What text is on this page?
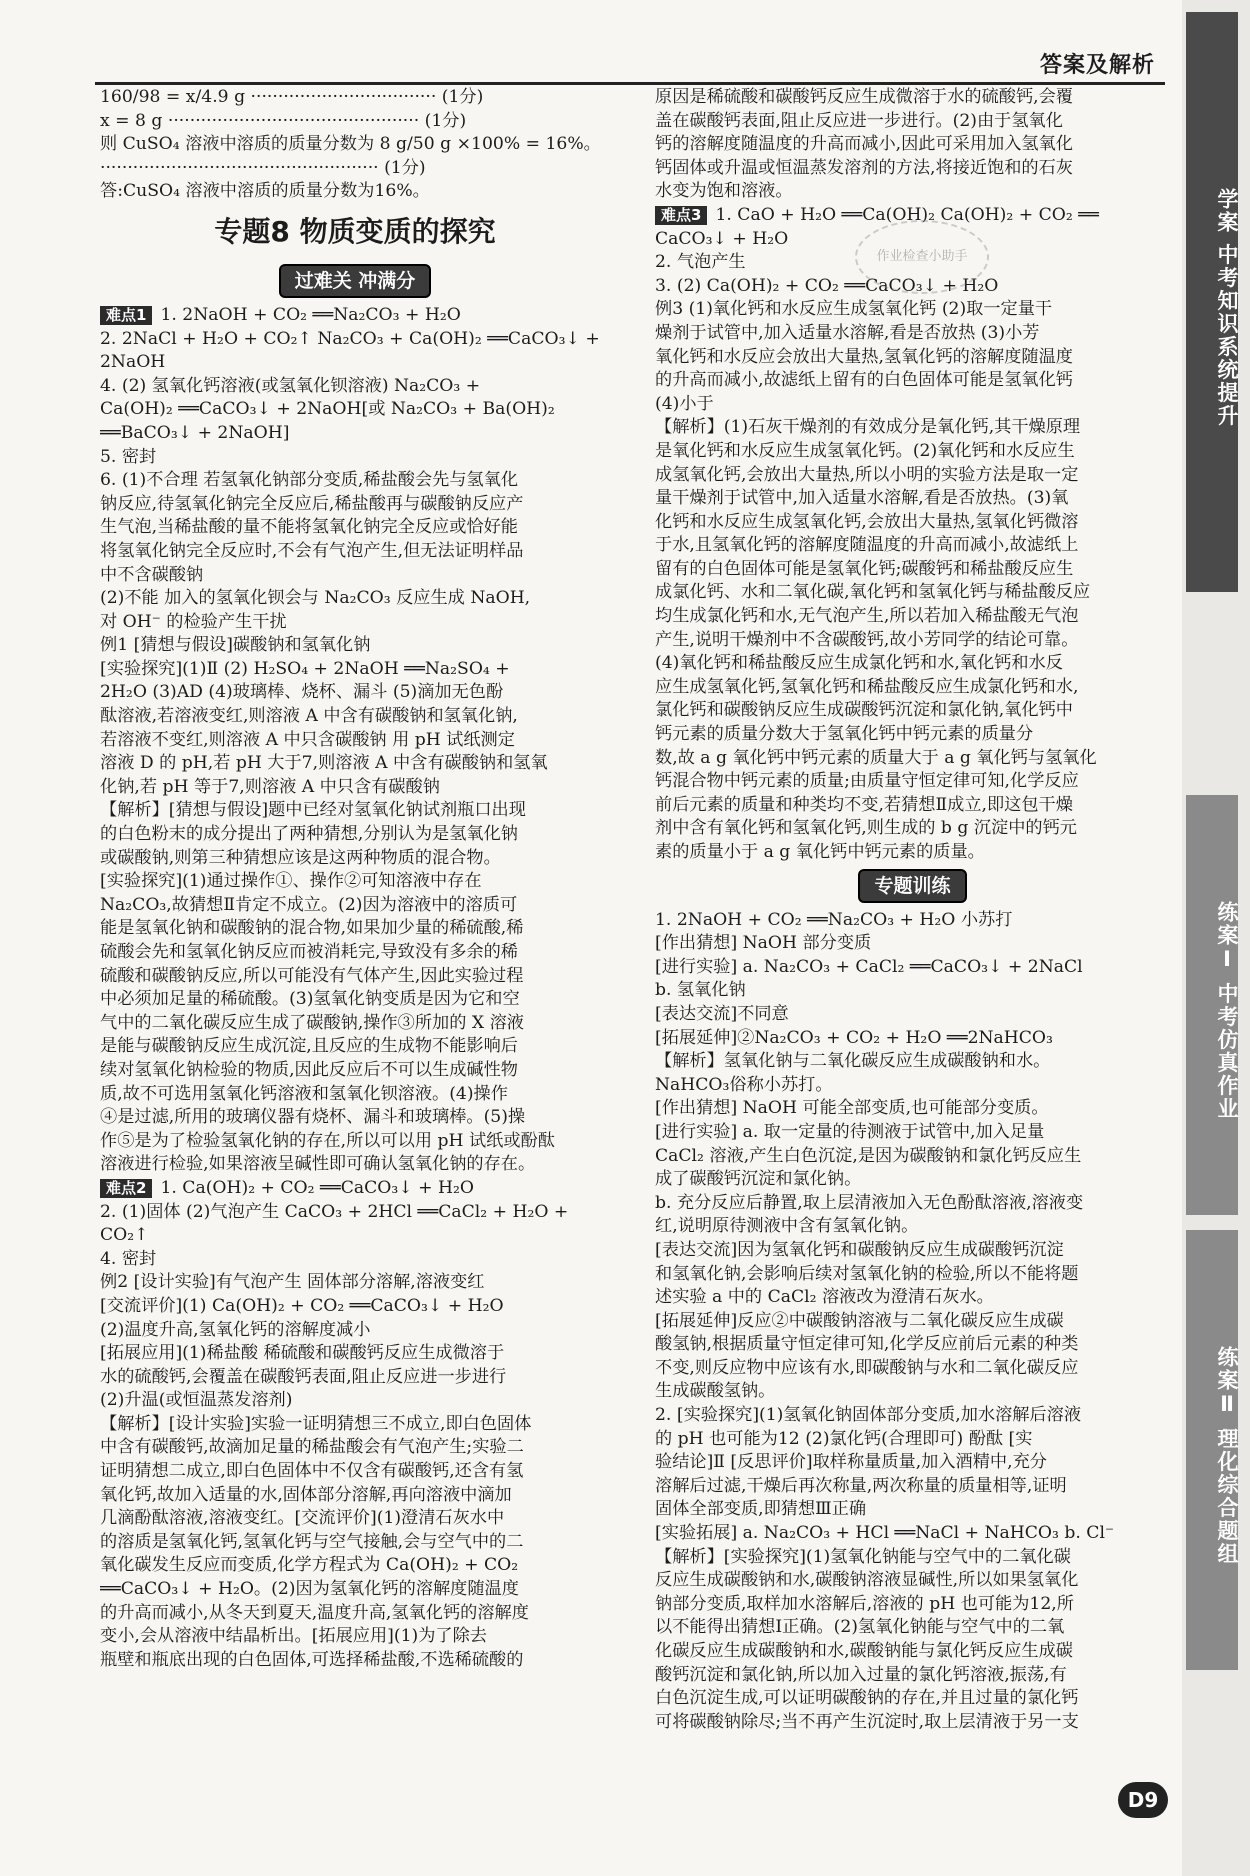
答案及解析
160/98 = x/4.9 g ·································· (1分)
x = 8 g ·············································· (1分)
则 CuSO₄ 溶液中溶质的质量分数为 8 g/50 g ×100% = 16%。
··················································· (1分)
答:CuSO₄ 溶液中溶质的质量分数为16%。
专题8 物质变质的探究
过难关 冲满分
难点1 1. 2NaOH + CO₂ ══Na₂CO₃ + H₂O
2. 2NaCl + H₂O + CO₂↑ Na₂CO₃ + Ca(OH)₂ ══CaCO₃↓ +
2NaOH
4. (2) 氢氧化钙溶液(或氢氧化钡溶液) Na₂CO₃ +
Ca(OH)₂ ══CaCO₃↓ + 2NaOH[或 Na₂CO₃ + Ba(OH)₂
══BaCO₃↓ + 2NaOH]
5. 密封
6. (1)不合理 若氢氧化钠部分变质,稀盐酸会先与氢氧化
钠反应,待氢氧化钠完全反应后,稀盐酸再与碳酸钠反应产
生气泡,当稀盐酸的量不能将氢氧化钠完全反应或恰好能
将氢氧化钠完全反应时,不会有气泡产生,但无法证明样品
中不含碳酸钠
(2)不能 加入的氢氧化钡会与 Na₂CO₃ 反应生成 NaOH,
对 OH⁻ 的检验产生干扰
例1 [猜想与假设]碳酸钠和氢氧化钠
[实验探究](1)Ⅱ (2) H₂SO₄ + 2NaOH ══Na₂SO₄ +
2H₂O (3)AD (4)玻璃棒、烧杯、漏斗 (5)滴加无色酚
酞溶液,若溶液变红,则溶液 A 中含有碳酸钠和氢氧化钠,
若溶液不变红,则溶液 A 中只含碳酸钠 用 pH 试纸测定
溶液 D 的 pH,若 pH 大于7,则溶液 A 中含有碳酸钠和氢氧
化钠,若 pH 等于7,则溶液 A 中只含有碳酸钠
【解析】[猜想与假设]题中已经对氢氧化钠试剂瓶口出现
的白色粉末的成分提出了两种猜想,分别认为是氢氧化钠
或碳酸钠,则第三种猜想应该是这两种物质的混合物。
[实验探究](1)通过操作①、操作②可知溶液中存在
Na₂CO₃,故猜想Ⅱ肯定不成立。(2)因为溶液中的溶质可
能是氢氧化钠和碳酸钠的混合物,如果加少量的稀硫酸,稀
硫酸会先和氢氧化钠反应而被消耗完,导致没有多余的稀
硫酸和碳酸钠反应,所以可能没有气体产生,因此实验过程
中必须加足量的稀硫酸。(3)氢氧化钠变质是因为它和空
气中的二氧化碳反应生成了碳酸钠,操作③所加的 X 溶液
是能与碳酸钠反应生成沉淀,且反应的生成物不能影响后
续对氢氧化钠检验的物质,因此反应后不可以生成碱性物
质,故不可选用氢氧化钙溶液和氢氧化钡溶液。(4)操作
④是过滤,所用的玻璃仪器有烧杯、漏斗和玻璃棒。(5)操
作⑤是为了检验氢氧化钠的存在,所以可以用 pH 试纸或酚酞
溶液进行检验,如果溶液呈碱性即可确认氢氧化钠的存在。
难点2 1. Ca(OH)₂ + CO₂ ══CaCO₃↓ + H₂O
2. (1)固体 (2)气泡产生 CaCO₃ + 2HCl ══CaCl₂ + H₂O +
CO₂↑
4. 密封
例2 [设计实验]有气泡产生 固体部分溶解,溶液变红
[交流评价](1) Ca(OH)₂ + CO₂ ══CaCO₃↓ + H₂O
(2)温度升高,氢氧化钙的溶解度减小
[拓展应用](1)稀盐酸 稀硫酸和碳酸钙反应生成微溶于
水的硫酸钙,会覆盖在碳酸钙表面,阻止反应进一步进行
(2)升温(或恒温蒸发溶剂)
【解析】[设计实验]实验一证明猜想三不成立,即白色固体
中含有碳酸钙,故滴加足量的稀盐酸会有气泡产生;实验二
证明猜想二成立,即白色固体中不仅含有碳酸钙,还含有氢
氧化钙,故加入适量的水,固体部分溶解,再向溶液中滴加
几滴酚酞溶液,溶液变红。[交流评价](1)澄清石灰水中
的溶质是氢氧化钙,氢氧化钙与空气接触,会与空气中的二
氧化碳发生反应而变质,化学方程式为 Ca(OH)₂ + CO₂
══CaCO₃↓ + H₂O。(2)因为氢氧化钙的溶解度随温度
的升高而减小,从冬天到夏天,温度升高,氢氧化钙的溶解度
变小,会从溶液中结晶析出。[拓展应用](1)为了除去
瓶壁和瓶底出现的白色固体,可选择稀盐酸,不选稀硫酸的
原因是稀硫酸和碳酸钙反应生成微溶于水的硫酸钙,会覆
盖在碳酸钙表面,阻止反应进一步进行。(2)由于氢氧化
钙的溶解度随温度的升高而减小,因此可采用加入氢氧化
钙固体或升温或恒温蒸发溶剂的方法,将接近饱和的石灰
水变为饱和溶液。
难点3 1. CaO + H₂O ══Ca(OH)₂ Ca(OH)₂ + CO₂ ══
CaCO₃↓ + H₂O
2. 气泡产生
3. (2) Ca(OH)₂ + CO₂ ══CaCO₃↓ + H₂O
例3 (1)氧化钙和水反应生成氢氧化钙 (2)取一定量干
燥剂于试管中,加入适量水溶解,看是否放热 (3)小芳
氧化钙和水反应会放出大量热,氢氧化钙的溶解度随温度
的升高而减小,故滤纸上留有的白色固体可能是氢氧化钙
(4)小于
【解析】(1)石灰干燥剂的有效成分是氧化钙,其干燥原理
是氧化钙和水反应生成氢氧化钙。(2)氧化钙和水反应生
成氢氧化钙,会放出大量热,所以小明的实验方法是取一定
量干燥剂于试管中,加入适量水溶解,看是否放热。(3)氧
化钙和水反应生成氢氧化钙,会放出大量热,氢氧化钙微溶
于水,且氢氧化钙的溶解度随温度的升高而减小,故滤纸上
留有的白色固体可能是氢氧化钙;碳酸钙和稀盐酸反应生
成氯化钙、水和二氧化碳,氧化钙和氢氧化钙与稀盐酸反应
均生成氯化钙和水,无气泡产生,所以若加入稀盐酸无气泡
产生,说明干燥剂中不含碳酸钙,故小芳同学的结论可靠。
(4)氧化钙和稀盐酸反应生成氯化钙和水,氧化钙和水反
应生成氢氧化钙,氢氧化钙和稀盐酸反应生成氯化钙和水,
氯化钙和碳酸钠反应生成碳酸钙沉淀和氯化钠,氧化钙中
钙元素的质量分数大于氢氧化钙中钙元素的质量分
数,故 a g 氧化钙中钙元素的质量大于 a g 氧化钙与氢氧化
钙混合物中钙元素的质量;由质量守恒定律可知,化学反应
前后元素的质量和种类均不变,若猜想Ⅱ成立,即这包干燥
剂中含有氧化钙和氢氧化钙,则生成的 b g 沉淀中的钙元
素的质量小于 a g 氧化钙中钙元素的质量。
专题训练
1. 2NaOH + CO₂ ══Na₂CO₃ + H₂O 小苏打
[作出猜想] NaOH 部分变质
[进行实验] a. Na₂CO₃ + CaCl₂ ══CaCO₃↓ + 2NaCl
b. 氢氧化钠
[表达交流]不同意
[拓展延伸]②Na₂CO₃ + CO₂ + H₂O ══2NaHCO₃
【解析】氢氧化钠与二氧化碳反应生成碳酸钠和水。
NaHCO₃俗称小苏打。
[作出猜想] NaOH 可能全部变质,也可能部分变质。
[进行实验] a. 取一定量的待测液于试管中,加入足量
CaCl₂ 溶液,产生白色沉淀,是因为碳酸钠和氯化钙反应生
成了碳酸钙沉淀和氯化钠。
b. 充分反应后静置,取上层清液加入无色酚酞溶液,溶液变
红,说明原待测液中含有氢氧化钠。
[表达交流]因为氢氧化钙和碳酸钠反应生成碳酸钙沉淀
和氢氧化钠,会影响后续对氢氧化钠的检验,所以不能将题
述实验 a 中的 CaCl₂ 溶液改为澄清石灰水。
[拓展延伸]反应②中碳酸钠溶液与二氧化碳反应生成碳
酸氢钠,根据质量守恒定律可知,化学反应前后元素的种类
不变,则反应物中应该有水,即碳酸钠与水和二氧化碳反应
生成碳酸氢钠。
2. [实验探究](1)氢氧化钠固体部分变质,加水溶解后溶液
的 pH 也可能为12 (2)氯化钙(合理即可) 酚酞 [实
验结论]Ⅱ [反思评价]取样称量质量,加入酒精中,充分
溶解后过滤,干燥后再次称量,两次称量的质量相等,证明
固体全部变质,即猜想Ⅲ正确
[实验拓展] a. Na₂CO₃ + HCl ══NaCl + NaHCO₃ b. Cl⁻
【解析】[实验探究](1)氢氧化钠能与空气中的二氧化碳
反应生成碳酸钠和水,碳酸钠溶液显碱性,所以如果氢氧化
钠部分变质,取样加水溶解后,溶液的 pH 也可能为12,所
以不能得出猜想Ⅰ正确。(2)氢氧化钠能与空气中的二氧
化碳反应生成碳酸钠和水,碳酸钠能与氯化钙反应生成碳
酸钙沉淀和氯化钠,所以加入过量的氯化钙溶液,振荡,有
白色沉淀生成,可以证明碳酸钠的存在,并且过量的氯化钙
可将碳酸钠除尽;当不再产生沉淀时,取上层清液于另一支
作业检查小助手	学案 中考知识系统提升
练案Ⅰ 中考仿真作业
练案Ⅱ 理化综合题组
D9
